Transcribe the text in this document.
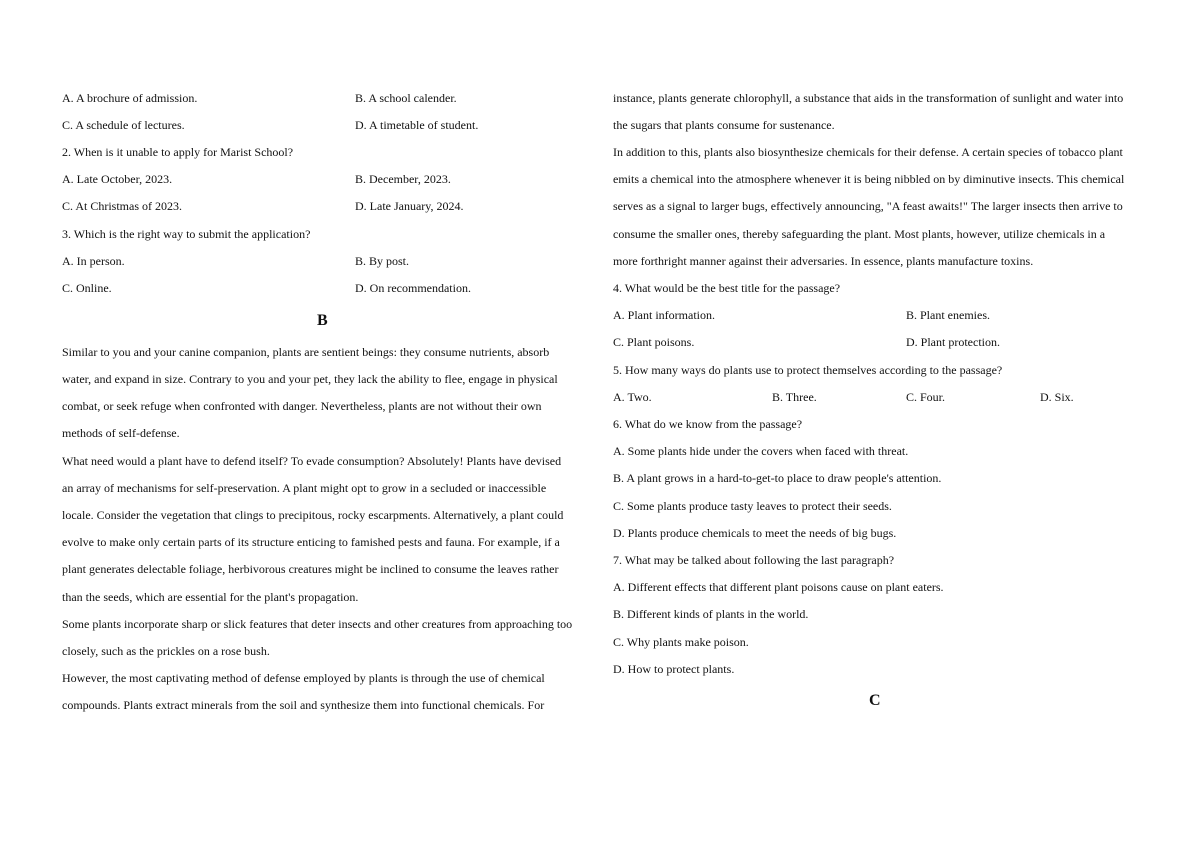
A. A brochure of admission.	B. A school calender.
C. A schedule of lectures.	D. A timetable of student.
2. When is it unable to apply for Marist School?
A. Late October, 2023.	B. December, 2023.
C. At Christmas of 2023.	D. Late January, 2024.
3. Which is the right way to submit the application?
A. In person.	B. By post.
C. Online.	D. On recommendation.
B
Similar to you and your canine companion, plants are sentient beings: they consume nutrients, absorb
water, and expand in size. Contrary to you and your pet, they lack the ability to flee, engage in physical
combat, or seek refuge when confronted with danger. Nevertheless, plants are not without their own
methods of self-defense.
What need would a plant have to defend itself? To evade consumption? Absolutely! Plants have devised
an array of mechanisms for self-preservation. A plant might opt to grow in a secluded or inaccessible
locale. Consider the vegetation that clings to precipitous, rocky escarpments. Alternatively, a plant could
evolve to make only certain parts of its structure enticing to famished pests and fauna. For example, if a
plant generates delectable foliage, herbivorous creatures might be inclined to consume the leaves rather
than the seeds, which are essential for the plant's propagation.
Some plants incorporate sharp or slick features that deter insects and other creatures from approaching too
closely, such as the prickles on a rose bush.
However, the most captivating method of defense employed by plants is through the use of chemical
compounds. Plants extract minerals from the soil and synthesize them into functional chemicals. For
instance, plants generate chlorophyll, a substance that aids in the transformation of sunlight and water into
the sugars that plants consume for sustenance.
In addition to this, plants also biosynthesize chemicals for their defense. A certain species of tobacco plant
emits a chemical into the atmosphere whenever it is being nibbled on by diminutive insects. This chemical
serves as a signal to larger bugs, effectively announcing, "A feast awaits!" The larger insects then arrive to
consume the smaller ones, thereby safeguarding the plant. Most plants, however, utilize chemicals in a
more forthright manner against their adversaries. In essence, plants manufacture toxins.
4. What would be the best title for the passage?
A. Plant information.	B. Plant enemies.
C. Plant poisons.	D. Plant protection.
5. How many ways do plants use to protect themselves according to the passage?
A. Two.	B. Three.	C. Four.	D. Six.
6. What do we know from the passage?
A. Some plants hide under the covers when faced with threat.
B. A plant grows in a hard-to-get-to place to draw people's attention.
C. Some plants produce tasty leaves to protect their seeds.
D. Plants produce chemicals to meet the needs of big bugs.
7. What may be talked about following the last paragraph?
A. Different effects that different plant poisons cause on plant eaters.
B. Different kinds of plants in the world.
C. Why plants make poison.
D. How to protect plants.
C
